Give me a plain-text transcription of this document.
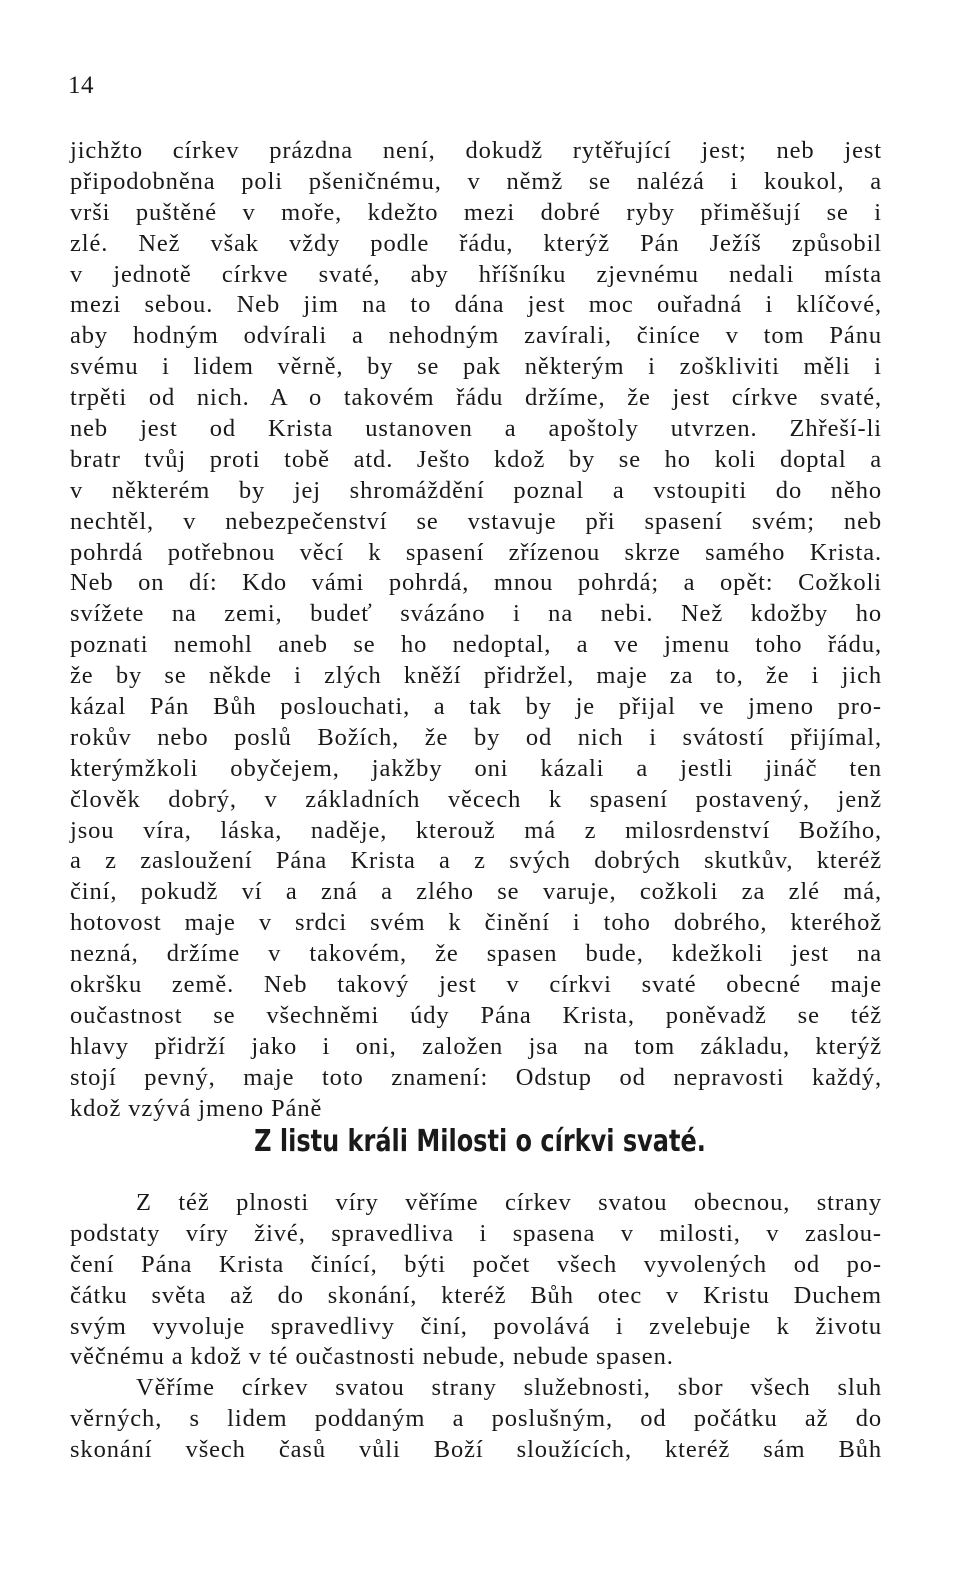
14
jichžto církev prázdna není, dokudž rytěřující jest; neb jest
připodobněna poli pšeničnému, v němž se nalézá i koukol, a
vrši puštěné v moře, kdežto mezi dobré ryby přiměšují se i
zlé. Než však vždy podle řádu, kterýž Pán Ježíš způsobil
v jednotě církve svaté, aby hříšníku zjevnému nedali místa
mezi sebou. Neb jim na to dána jest moc ouřadná i klíčové,
aby hodným odvírali a nehodným zavírali, činíce v tom Pánu
svému i lidem věrně, by se pak některým i zoškliviti měli i
trpěti od nich. A o takovém řádu držíme, že jest církve svaté,
neb jest od Krista ustanoven a apoštoly utvrzen. Zhřeší-li
bratr tvůj proti tobě atd. Ješto kdož by se ho koli doptal a
v některém by jej shromáždění poznal a vstoupiti do něho
nechtěl, v nebezpečenství se vstavuje při spasení svém; neb
pohrdá potřebnou věcí k spasení zřízenou skrze samého Krista.
Neb on dí: Kdo vámi pohrdá, mnou pohrdá; a opět: Cožkoli
svížete na zemi, budeť svázáno i na nebi. Než kdožby ho
poznati nemohl aneb se ho nedoptal, a ve jmenu toho řádu,
že by se někde i zlých kněží přidržel, maje za to, že i jich
kázal Pán Bůh poslouchati, a tak by je přijal ve jmeno pro-
rokův nebo poslů Božích, že by od nich i svátostí přijímal,
kterýmžkoli obyčejem, jakžby oni kázali a jestli jináč ten
člověk dobrý, v základních věcech k spasení postavený, jenž
jsou víra, láska, naděje, kterouž má z milosrdenství Božího,
a z zasloužení Pána Krista a z svých dobrých skutkův, kteréž
činí, pokudž ví a zná a zlého se varuje, cožkoli za zlé má,
hotovost maje v srdci svém k činění i toho dobrého, kteréhož
nezná, držíme v takovém, že spasen bude, kdežkoli jest na
okršku země. Neb takový jest v církvi svaté obecné maje
oučastnost se všechněmi údy Pána Krista, poněvadž se též
hlavy přidrží jako i oni, založen jsa na tom základu, kterýž
stojí pevný, maje toto znamení: Odstup od nepravosti každý,
kdož vzývá jmeno Páně
Z listu králi Milosti o církvi svaté.
Z též plnosti víry věříme církev svatou obecnou, strany
podstaty víry živé, spravedliva i spasena v milosti, v zaslou-
čení Pána Krista činící, býti počet všech vyvolených od po-
čátku světa až do skonání, kteréž Bůh otec v Kristu Duchem
svým vyvoluje spravedlivy činí, povolává i zvelebuje k životu
věčnému a kdož v té oučastnosti nebude, nebude spasen.
Věříme církev svatou strany služebnosti, sbor všech sluh
věrných, s lidem poddaným a poslušným, od počátku až do
skonání všech časů vůli Boží sloužících, kteréž sám Bůh
